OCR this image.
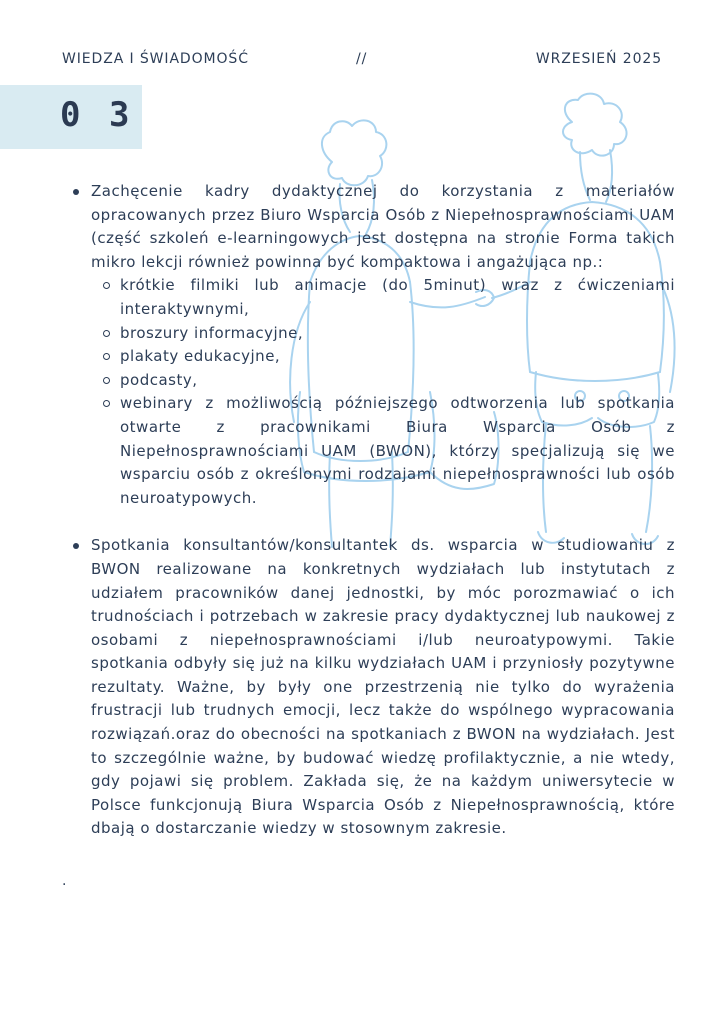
WIEDZA I ŚWIADOMOŚĆ	//	WRZESIEŃ 2025
0 3
Zachęcenie kadry dydaktycznej do korzystania z materiałów opracowanych przez Biuro Wsparcia Osób z Niepełnosprawnościami UAM (część szkoleń e-learningowych jest dostępna na stronie Forma takich mikro lekcji również powinna być kompaktowa i angażująca np.:
krótkie filmiki lub animacje (do 5minut) wraz z ćwiczeniami interaktywnymi,
broszury informacyjne,
plakaty edukacyjne,
podcasty,
webinary z możliwością późniejszego odtworzenia lub spotkania otwarte z pracownikami Biura Wsparcia Osób z Niepełnosprawnościami UAM (BWON), którzy specjalizują się we wsparciu osób z określonymi rodzajami niepełnosprawności lub osób neuroatypowych.
Spotkania konsultantów/konsultantek ds. wsparcia w studiowaniu z BWON realizowane na konkretnych wydziałach lub instytutach z udziałem pracowników danej jednostki, by móc porozmawiać o ich trudnościach i potrzebach w zakresie pracy dydaktycznej lub naukowej z osobami z niepełnosprawnościami i/lub neuroatypowymi. Takie spotkania odbyły się już na kilku wydziałach UAM i przyniosły pozytywne rezultaty. Ważne, by były one przestrzenią nie tylko do wyrażenia frustracji lub trudnych emocji, lecz także do wspólnego wypracowania rozwiązań.oraz do obecności na spotkaniach z BWON na wydziałach. Jest to szczególnie ważne, by budować wiedzę profilaktycznie, a nie wtedy, gdy pojawi się problem. Zakłada się, że na każdym uniwersytecie w Polsce funkcjonują Biura Wsparcia Osób z Niepełnosprawnością, które dbają o dostarczanie wiedzy w stosownym zakresie.
.
